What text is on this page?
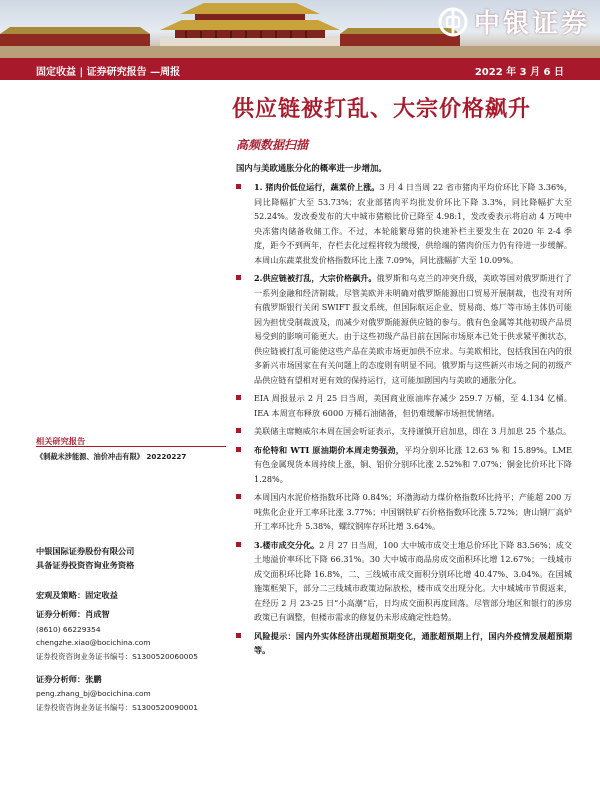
中银证券
固定收益 | 证券研究报告 —周报	2022 年 3 月 6 日
供应链被打乱、大宗价格飙升
高频数据扫描
国内与美欧通胀分化的概率进一步增加。
1. 猪肉价低位运行，蔬菜价上涨。3 月 4 日当周 22 省市猪肉平均价环比下降 3.36%，同比降幅扩大至 53.73%；农业部猪肉平均批发价环比下降 3.3%，同比降幅扩大至 52.24%。发改委发布的大中城市猪粮比价已降至 4.98:1，发改委表示将启动 4 万吨中央冻猪肉储备收储工作。不过，本轮能繁母猪的快速补栏主要发生在 2020 年 2-4 季度，距今不到两年，存栏去化过程将较为缓慢，供给端的猪肉价压力仍有待进一步缓解。本周山东蔬菜批发价格指数环比上涨 7.09%，同比涨幅扩大至 10.09%。
2.供应链被打乱，大宗价格飙升。俄罗斯和乌克兰的冲突升级，美欧等国对俄罗斯进行了一系列金融和经济制裁。尽管美欧并未明确对俄罗斯能源出口贸易开展制裁，也没有对所有俄罗斯银行关闭 SWIFT 报文系统，但国际航运企业、贸易商、炼厂等市场主体仍可能因为担忧受制裁波及，而减少对俄罗斯能源供应链的参与。俄有色金属等其他初级产品贸易受到的影响可能更大。由于这些初级产品目前在国际市场原本已处于供求紧平衡状态，供应链被打乱可能使这些产品在美欧市场更加供不应求。与美欧相比，包括我国在内的很多新兴市场国家在有关问题上的态度则有明显不同。俄罗斯与这些新兴市场之间的初级产品供应链有望相对更有效的保持运行，这可能加剧国内与美欧的通胀分化。
EIA 周报显示 2 月 25 日当周，美国商业原油库存减少 259.7 万桶，至 4.134 亿桶。IEA 本周宣布释放 6000 万桶石油储备，但仍难缓解市场担忧情绪。
美联储主席鲍威尔本周在国会听证表示，支持谨慎开启加息，即在 3 月加息 25 个基点。
布伦特和 WTI 原油期价本周走势强劲，平均分别环比涨 12.63 % 和 15.89%。LME 有色金属现货本周持续上涨，铜、铝价分别环比涨 2.52%和 7.07%；铜金比价环比下降 1.28%。
本周国内水泥价格指数环比降 0.84%；环渤海动力煤价格指数环比持平；产能超 200 万吨焦化企业开工率环比涨 3.77%；中国钢铁矿石价格指数环比涨 5.72%；唐山钢厂高炉开工率环比升 5.38%，螺纹钢库存环比增 3.64%。
3.楼市成交分化。2 月 27 日当周，100 大中城市成交土地总价环比下降 83.56%；成交土地溢价率环比下降 66.31%。30 大中城市商品房成交面积环比增 12.67%；一线城市成交面积环比降 16.8%，二、三线城市成交面积分别环比增 40.47%、3.04%。在国城施策框架下，部分二三线城市政策边际放松，楼市成交出现分化。大中城城市节假返来，在经历 2 月 23-25 日“小高潮”后，日均成交面积再度回落。尽管部分地区和银行的涉房政策已有调整，但楼市需求的修复仍未形成确定性趋势。
风险提示：国内外实体经济出现超预期变化，通胀超预期上行，国内外疫情发展超预期等。
相关研究报告
《制裁未涉能源、油价冲击有限》 20220227
中银国际证券股份有限公司
具备证券投资咨询业务资格
宏观及策略：固定收益
证券分析师：肖成智
(8610) 66229354
chengzhe.xiao@bocichina.com
证券投资咨询业务证书编号：S1300520060005
证券分析师：张鹏
peng.zhang_bj@bocichina.com
证券投资咨询业务证书编号：S1300520090001
